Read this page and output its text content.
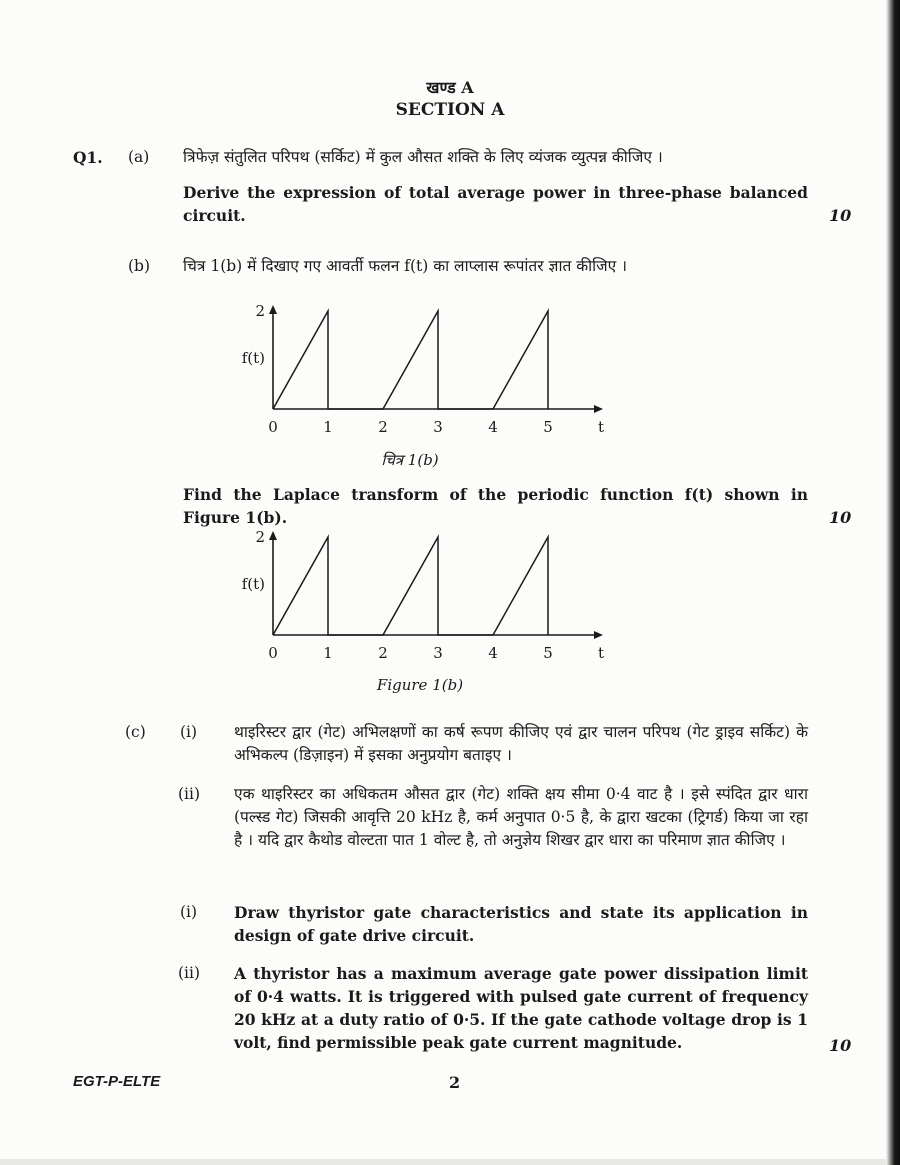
खण्ड A
SECTION A
Q1. (a) त्रिफेज़ संतुलित परिपथ (सर्किट) में कुल औसत शक्ति के लिए व्यंजक व्युत्पन्न कीजिए ।
Derive the expression of total average power in three-phase balanced circuit.	10
(b) चित्र 1(b) में दिखाए गए आवर्ती फलन f(t) का लाप्लास रूपांतर ज्ञात कीजिए ।
0	1	2	3	4	5	t
2
f(t)
चित्र 1(b)
Find the Laplace transform of the periodic function f(t) shown in Figure 1(b).	10
0	1	2	3	4	5	t
2
f(t)
Figure 1(b)
(c) (i) थाइरिस्टर द्वार (गेट) अभिलक्षणों का कर्ष रूपण कीजिए एवं द्वार चालन परिपथ (गेट ड्राइव सर्किट) के अभिकल्प (डिज़ाइन) में इसका अनुप्रयोग बताइए ।
(ii) एक थाइरिस्टर का अधिकतम औसत द्वार (गेट) शक्ति क्षय सीमा 0·4 वाट है । इसे स्पंदित द्वार धारा (पल्स्ड गेट) जिसकी आवृत्ति 20 kHz है, कर्म अनुपात 0·5 है, के द्वारा खटका (ट्रिगर्ड) किया जा रहा है । यदि द्वार कैथोड वोल्टता पात 1 वोल्ट है, तो अनुज्ञेय शिखर द्वार धारा का परिमाण ज्ञात कीजिए ।
(i) Draw thyristor gate characteristics and state its application in design of gate drive circuit.
(ii) A thyristor has a maximum average gate power dissipation limit of 0·4 watts. It is triggered with pulsed gate current of frequency 20 kHz at a duty ratio of 0·5. If the gate cathode voltage drop is 1 volt, find permissible peak gate current magnitude.	10
EGT-P-ELTE	2
